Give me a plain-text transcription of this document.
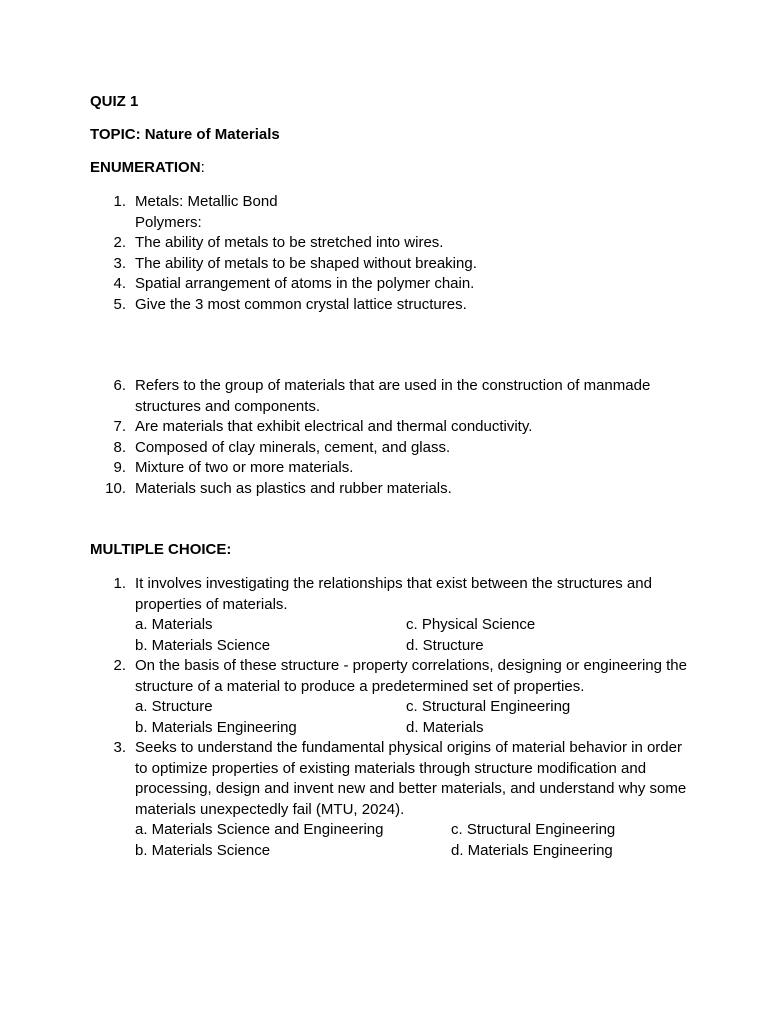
QUIZ 1
TOPIC: Nature of Materials
ENUMERATION:
1. Metals: Metallic Bond
Polymers:
2. The ability of metals to be stretched into wires.
3. The ability of metals to be shaped without breaking.
4. Spatial arrangement of atoms in the polymer chain.
5. Give the 3 most common crystal lattice structures.
6. Refers to the group of materials that are used in the construction of manmade structures and components.
7. Are materials that exhibit electrical and thermal conductivity.
8. Composed of clay minerals, cement, and glass.
9. Mixture of two or more materials.
10. Materials such as plastics and rubber materials.
MULTIPLE CHOICE:
1. It involves investigating the relationships that exist between the structures and properties of materials.
a. Materials	c. Physical Science
b. Materials Science	d. Structure
2. On the basis of these structure - property correlations, designing or engineering the structure of a material to produce a predetermined set of properties.
a. Structure	c. Structural Engineering
b. Materials Engineering	d. Materials
3. Seeks to understand the fundamental physical origins of material behavior in order to optimize properties of existing materials through structure modification and processing, design and invent new and better materials, and understand why some materials unexpectedly fail (MTU, 2024).
a. Materials Science and Engineering	c. Structural Engineering
b. Materials Science	d. Materials Engineering
